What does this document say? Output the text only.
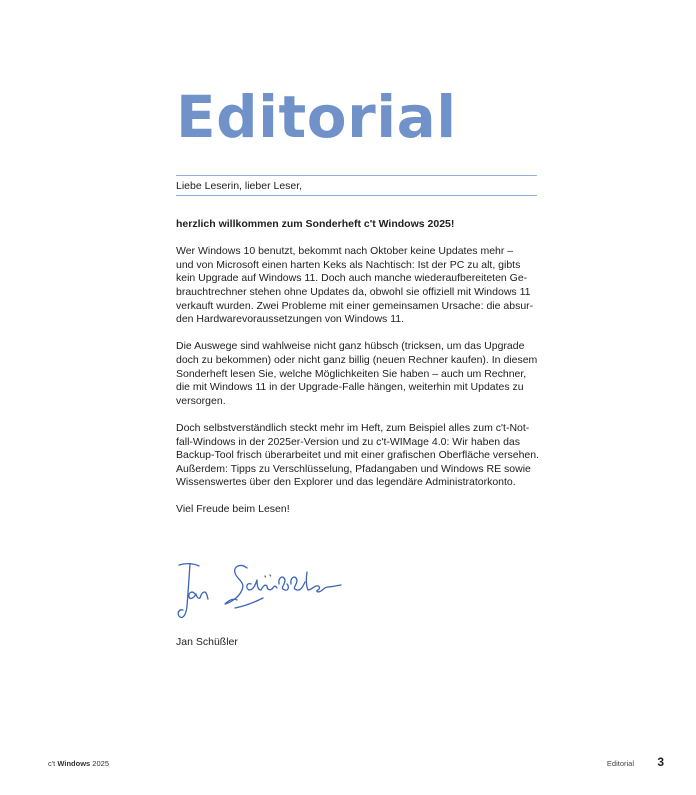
Editorial
Liebe Leserin, lieber Leser,

herzlich willkommen zum Sonderheft c't Windows 2025!

Wer Windows 10 benutzt, bekommt nach Oktober keine Updates mehr –
und von Microsoft einen harten Keks als Nachtisch: Ist der PC zu alt, gibts
kein Upgrade auf Windows 11. Doch auch manche wiederaufbereiteten Ge-
brauchtrechner stehen ohne Updates da, obwohl sie offiziell mit Windows 11
verkauft wurden. Zwei Probleme mit einer gemeinsamen Ursache: die absur-
den Hardwarevoraussetzungen von Windows 11.

Die Auswege sind wahlweise nicht ganz hübsch (tricksen, um das Upgrade
doch zu bekommen) oder nicht ganz billig (neuen Rechner kaufen). In diesem
Sonderheft lesen Sie, welche Möglichkeiten Sie haben – auch um Rechner,
die mit Windows 11 in der Upgrade-Falle hängen, weiterhin mit Updates zu
versorgen.

Doch selbstverständlich steckt mehr im Heft, zum Beispiel alles zum c't-Not-
fall-Windows in der 2025er-Version und zu c't-WIMage 4.0: Wir haben das
Backup-Tool frisch überarbeitet und mit einer grafischen Oberfläche versehen.
Außerdem: Tipps zu Verschlüsselung, Pfadangaben und Windows RE sowie
Wissenswertes über den Explorer und das legendäre Administratorkonto.

Viel Freude beim Lesen!

Jan Schüßler
c't Windows 2025	Editorial 3
